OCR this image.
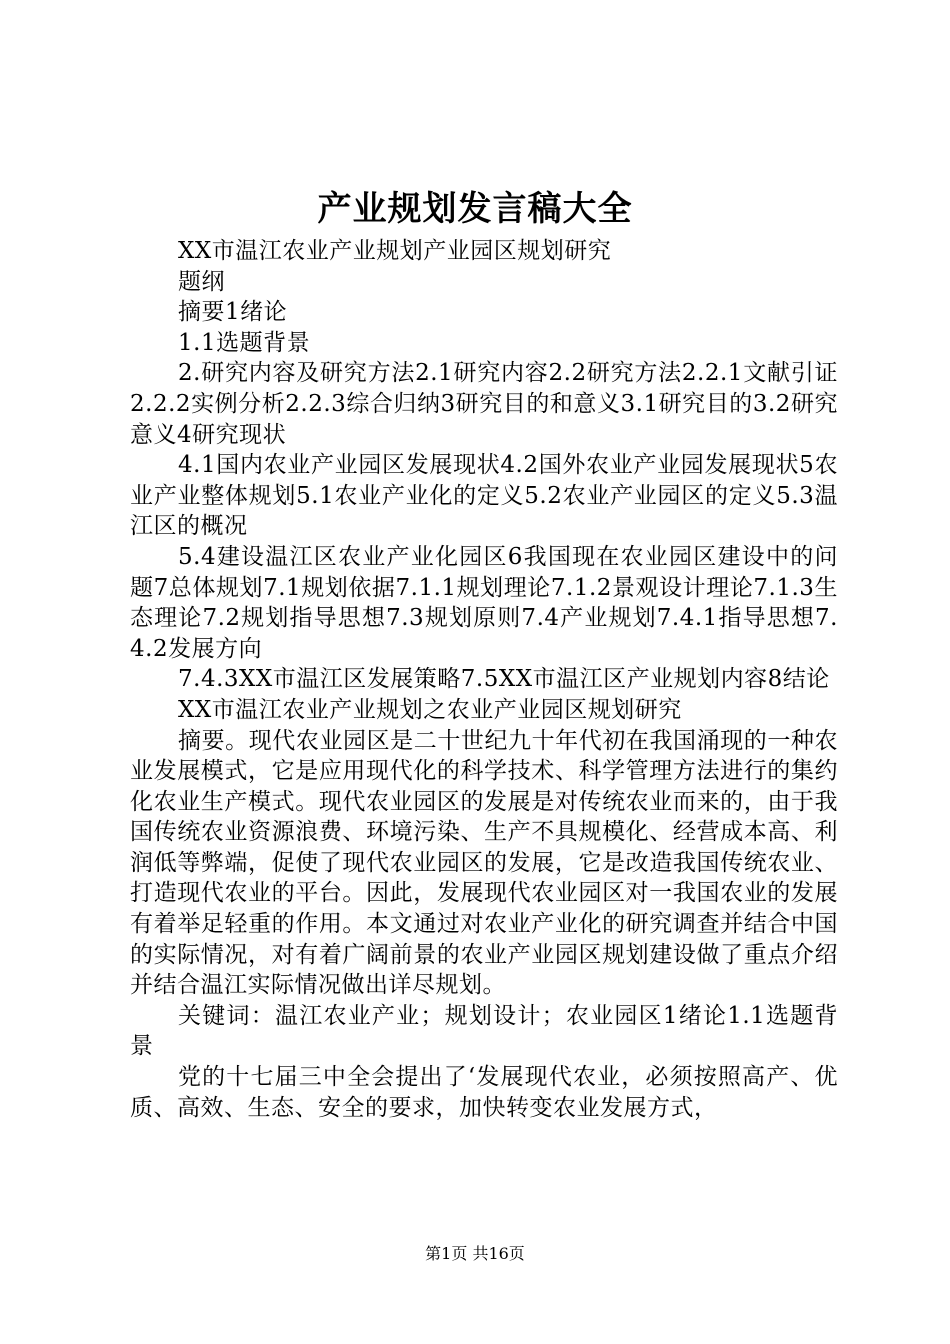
产业规划发言稿大全

XX市温江农业产业规划产业园区规划研究

题纲

摘要1绪论

1.1选题背景

2.研究内容及研究方法2.1研究内容2.2研究方法2.2.1文献引证2.2.2实例分析2.2.3综合归纳3研究目的和意义3.1研究目的3.2研究意义4研究现状

4.1国内农业产业园区发展现状4.2国外农业产业园发展现状5农业产业整体规划5.1农业产业化的定义5.2农业产业园区的定义5.3温江区的概况

5.4建设温江区农业产业化园区6我国现在农业园区建设中的问题7总体规划7.1规划依据7.1.1规划理论7.1.2景观设计理论7.1.3生态理论7.2规划指导思想7.3规划原则7.4产业规划7.4.1指导思想7.4.2发展方向

7.4.3XX市温江区发展策略7.5XX市温江区产业规划内容8结论

XX市温江农业产业规划之农业产业园区规划研究

摘要。现代农业园区是二十世纪九十年代初在我国涌现的一种农业发展模式，它是应用现代化的科学技术、科学管理方法进行的集约化农业生产模式。现代农业园区的发展是对传统农业而来的，由于我国传统农业资源浪费、环境污染、生产不具规模化、经营成本高、利润低等弊端，促使了现代农业园区的发展，它是改造我国传统农业、打造现代农业的平台。因此，发展现代农业园区对一我国农业的发展有着举足轻重的作用。本文通过对农业产业化的研究调查并结合中国的实际情况，对有着广阔前景的农业产业园区规划建设做了重点介绍并结合温江实际情况做出详尽规划。

关键词：温江农业产业；规划设计；农业园区1绪论1.1选题背景

党的十七届三中全会提出了‘发展现代农业，必须按照高产、优质、高效、生态、安全的要求，加快转变农业发展方式，

第1页 共16页
